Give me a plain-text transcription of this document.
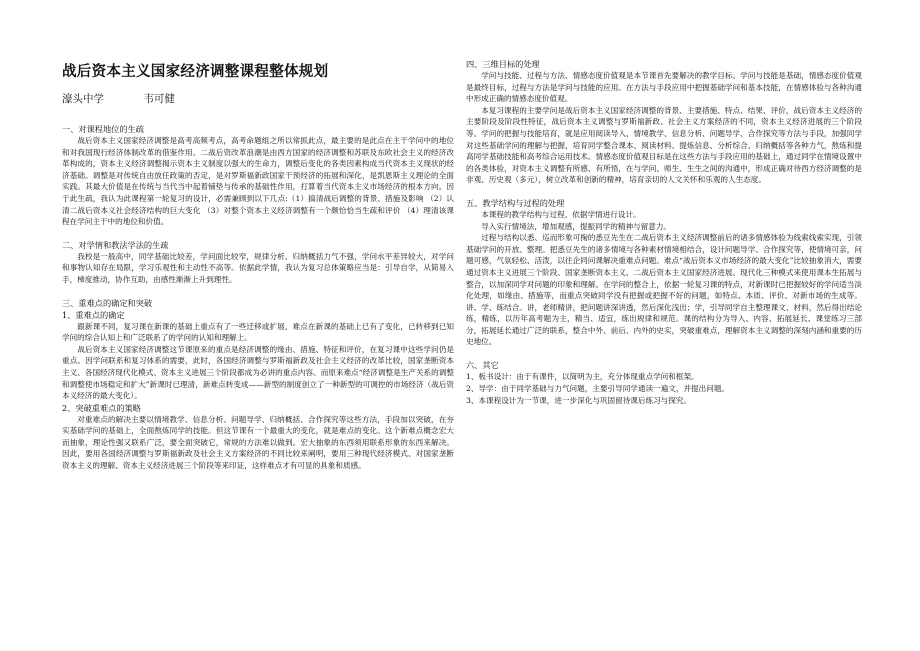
战后资本主义国家经济调整课程整体规划
濠头中学	韦可健

一、对课程地位的生疏

战后资本主义国家经济调整是高考高频考点，高考命题组之所以常抓此点，最主要的是此点在主干学问中的地位和对我国现行经济体制改革的借鉴作用。二战后资改革浪潮是由西方国家的经济调整和苏联及东欧社会主义的经济改革构成的，资本主义经济调整揭示资本主义制度以强大的生命力，调整后变化的各类因素构成当代资本主义现状的经济基础。调整是对传统自由放任政策的否定，是对罗斯福新政国家干预经济的拓展和深化，是凯恩斯主义理论的全面实践。其最大价值是在传统与当代当中起着铺垫与传承的基础性作用，打算着当代资本主义市场经济的根本方向。因于此生疏，我认为此课程第一轮复习的设计，必需兼顾到以下几点:（1）搞清战后调整的背景、措施及影响 （2）认清二战后资本义社会经济结构的巨大变化 （3）对整个资本主义经济调整有一个颇恰恰当生疏和评价 （4）理清该课程在学问主干中的地位和价值。

二、对学情和教法学法的生疏

我校是一般高中，同学基础比较差，学问面比较窄，规律分析、归纳概括力气不强，学问水平差异较大，对学问和事物认知存在局限，学习乐观性和主动性不高等。依据此学情，我认为复习总体策略应当是：引导自学，从简易入手，梯度推动，协作互助，由感性渐渐上升到理性。

三、重难点的确定和突破

1、重难点的确定

跟新课不同，复习课在新课的基础上重点有了一些迁移或扩展，难点在新课的基础上已有了变化，已转移到已知学问的综合认知上和广泛联系了的学问的认知和理解上。

战后资本主义国家经济调整这节课原来的重点是经济调整的缘由、措施、特征和评价，在复习课中这些学问仍是重点。因学问联系和复习体系的需要，此时，各国经济调整与罗斯福新政及社会主义经济的改革比较，国家垄断资本主义、各国经济现代化模式、资本主义进展三个阶段都成为必讲的重点内容。而原来难点“经济调整是生产关系的调整和调整使市场稳定和扩大”新课时已理清，新难点转变成——新型的制度创立了一种新型的可调控的市场经济（战后资本义经济的最大变化）。

2、突破重难点的策略

对重难点的解决主要以情境教学、信息分析、问题导学、归纳概括、合作探究等这些方法，手段加以突破，在夯实基础学问的基础上，全面熬炼同学的技能。但这节课有一个最重大的变化，就是难点的变化。这个新难点概念宏大而抽象，理论性强又联系广泛，要全面突破它，常规的方法难以做到。宏大抽象的东西须用联系形象的东西来解决。因此，要用各国经济调整与罗斯福新政及社会主义方案经济的不同比较来阐明，要用三种现代经济模式、对国家垄断资本主义的理解、资本主义经济进展三个阶段等来印证，这样难点才有可显的具象和质感。

四、三维目标的处理

学问与技能、过程与方法、情感态度价值观是本节课首先要解决的教学目标。学问与技能是基础，情感态度价值观是最终目标，过程与方法是学问与技能的应用。在方法与手段应用中把握基础学问和基本技能，在情感体验与各种沟通中形成正确的情感态度价值观。

本复习课程的主要学问是战后资本主义国家经济调整的背景、主要措施、特点、结果、评价，战后资本主义经济的主要阶段及阶段性特征，战后资本主义调整与罗斯福新政、社会主义方案经济的不同，资本主义经济进展的三个阶段等。学问的把握与技能培育，就是应用阅读导入、情境教学、信息分析、问题导学、合作探究等方法与手段，加强同学对这些基础学问的理解与把握，培育同学整合课本、阅读材料、提炼信息、分析综合、归纳概括等各种力气，熬炼和提高同学基础技能和高考综合运用技术。情感态度价值观目标是在这些方法与手段应用的基础上，通过同学在情境设置中的各类体验，对资本主义调整有所感、有所悟，在与学问、师生、生生之间的沟通中，形成正确对待西方经济调整的是非观、历史观（多元），树立改革和创新的精神，培育亲切的人文关怀和乐观的人生态度。

五、教学结构与过程的处理

本课程的教学结构与过程，依据学情进行设计。

导入实行情境法，增加观感，提振同学的精神与留意力。

过程与结构以悉、巡而形象可掬的悉豆先生在二战后资本主义经济调整前后的诸多情感体验为线索线索实现，引领基础学问的开放、整理。把悉豆先生的诸多情境与各种素材情境相结合，设计问题导学、合作探究等，使情境可亲，问题可感，气氛轻松、活泼，以往企同问课解决重难点问题。难点“战后资本义市场经济的最大变化”比较抽象消大，需要通过资本主义进展三个阶段、国家垄断资本主义、二战后资本主义国家经济进展、现代化三种模式来使用课本生拓展与整合，以加深同学对问题的印象和理解。在学问的整合上，依据一轮复习课的特点，对新课时已把握较好的学问适当淡化处理，如缘由、措施等，而重点突破同学没有把握或把握不好的问题，如特点、本质、评价、对新市场的生成等。讲、学、练结合。讲，老师精讲，把问题讲深讲透，然后深化浅出；学，引导同学自主整理课文、材料，然后得出结论 练，精练，以历年高考题为主，精当、适宜，练出规律和规范。课的结构分为导入、内容、拓展延长、课堂练习三部分，拓展延长通过广泛的联系，整合中外、前后、内外的史实，突破重难点，理解资本主义调整的深刻内涵和重要的历史地位。

六、其它

1、板书设计：由于有课件，以简明为主，充分体现重点学问和框架。

2、导学：由于同学基础与力气问题，主要引导同学通读一遍文，并提出问题。

3、本课程设计为一节课，进一步深化与巩固留待课后练习与探究。
